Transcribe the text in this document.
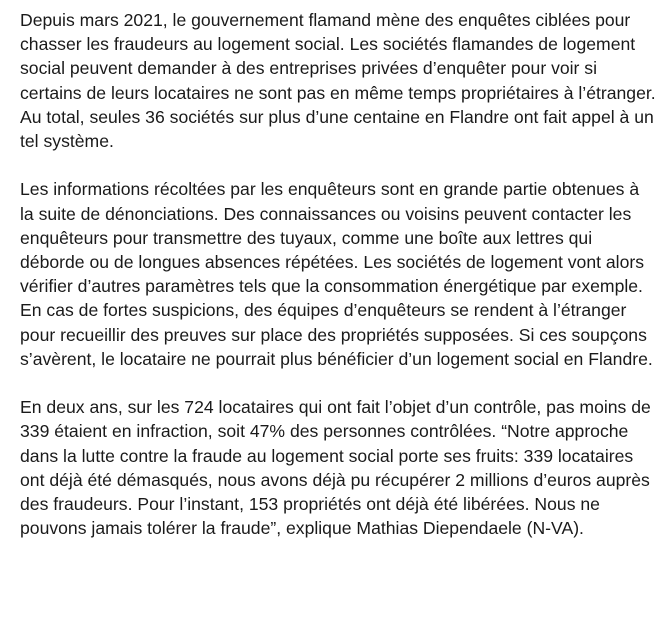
Depuis mars 2021, le gouvernement flamand mène des enquêtes ciblées pour chasser les fraudeurs au logement social. Les sociétés flamandes de logement social peuvent demander à des entreprises privées d’enquêter pour voir si certains de leurs locataires ne sont pas en même temps propriétaires à l’étranger. Au total, seules 36 sociétés sur plus d’une centaine en Flandre ont fait appel à un tel système.

Les informations récoltées par les enquêteurs sont en grande partie obtenues à la suite de dénonciations. Des connaissances ou voisins peuvent contacter les enquêteurs pour transmettre des tuyaux, comme une boîte aux lettres qui déborde ou de longues absences répétées. Les sociétés de logement vont alors vérifier d’autres paramètres tels que la consommation énergétique par exemple. En cas de fortes suspicions, des équipes d’enquêteurs se rendent à l’étranger pour recueillir des preuves sur place des propriétés supposées. Si ces soupçons s’avèrent, le locataire ne pourrait plus bénéficier d’un logement social en Flandre.

En deux ans, sur les 724 locataires qui ont fait l’objet d’un contrôle, pas moins de 339 étaient en infraction, soit 47% des personnes contrôlées. “Notre approche dans la lutte contre la fraude au logement social porte ses fruits: 339 locataires ont déjà été démasqués, nous avons déjà pu récupérer 2 millions d’euros auprès des fraudeurs. Pour l’instant, 153 propriétés ont déjà été libérées. Nous ne pouvons jamais tolérer la fraude”, explique Mathias Diependaele (N-VA).
